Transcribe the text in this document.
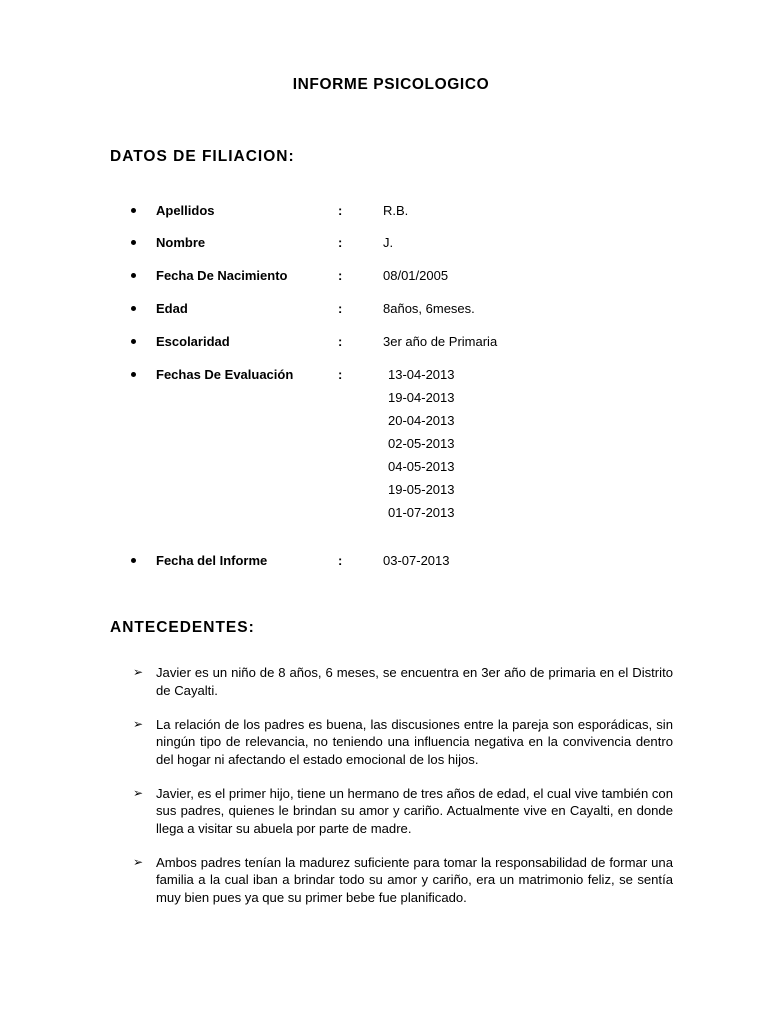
INFORME PSICOLOGICO
DATOS DE FILIACION:
Apellidos	:	R.B.
Nombre	:	J.
Fecha De Nacimiento	:	08/01/2005
Edad	:	8años, 6meses.
Escolaridad	:	3er año de Primaria
Fechas De Evaluación	:	13-04-2013
19-04-2013
20-04-2013
02-05-2013
04-05-2013
19-05-2013
01-07-2013
Fecha del Informe	:	03-07-2013
ANTECEDENTES:
➢ Javier es un niño de 8 años, 6 meses, se encuentra en 3er año de primaria en el Distrito de Cayalti.
➢ La relación de los padres es buena, las discusiones entre la pareja son esporádicas, sin ningún tipo de relevancia, no teniendo una influencia negativa en la convivencia dentro del hogar ni afectando el estado emocional de los hijos.
➢ Javier, es el primer hijo, tiene un hermano de tres años de edad, el cual vive también con sus padres, quienes le brindan su amor y cariño. Actualmente vive en Cayalti, en donde llega a visitar su abuela por parte de madre.
➢ Ambos padres tenían la madurez suficiente para tomar la responsabilidad de formar una familia a la cual iban a brindar todo su amor y cariño, era un matrimonio feliz, se sentía muy bien pues ya que su primer bebe fue planificado.
